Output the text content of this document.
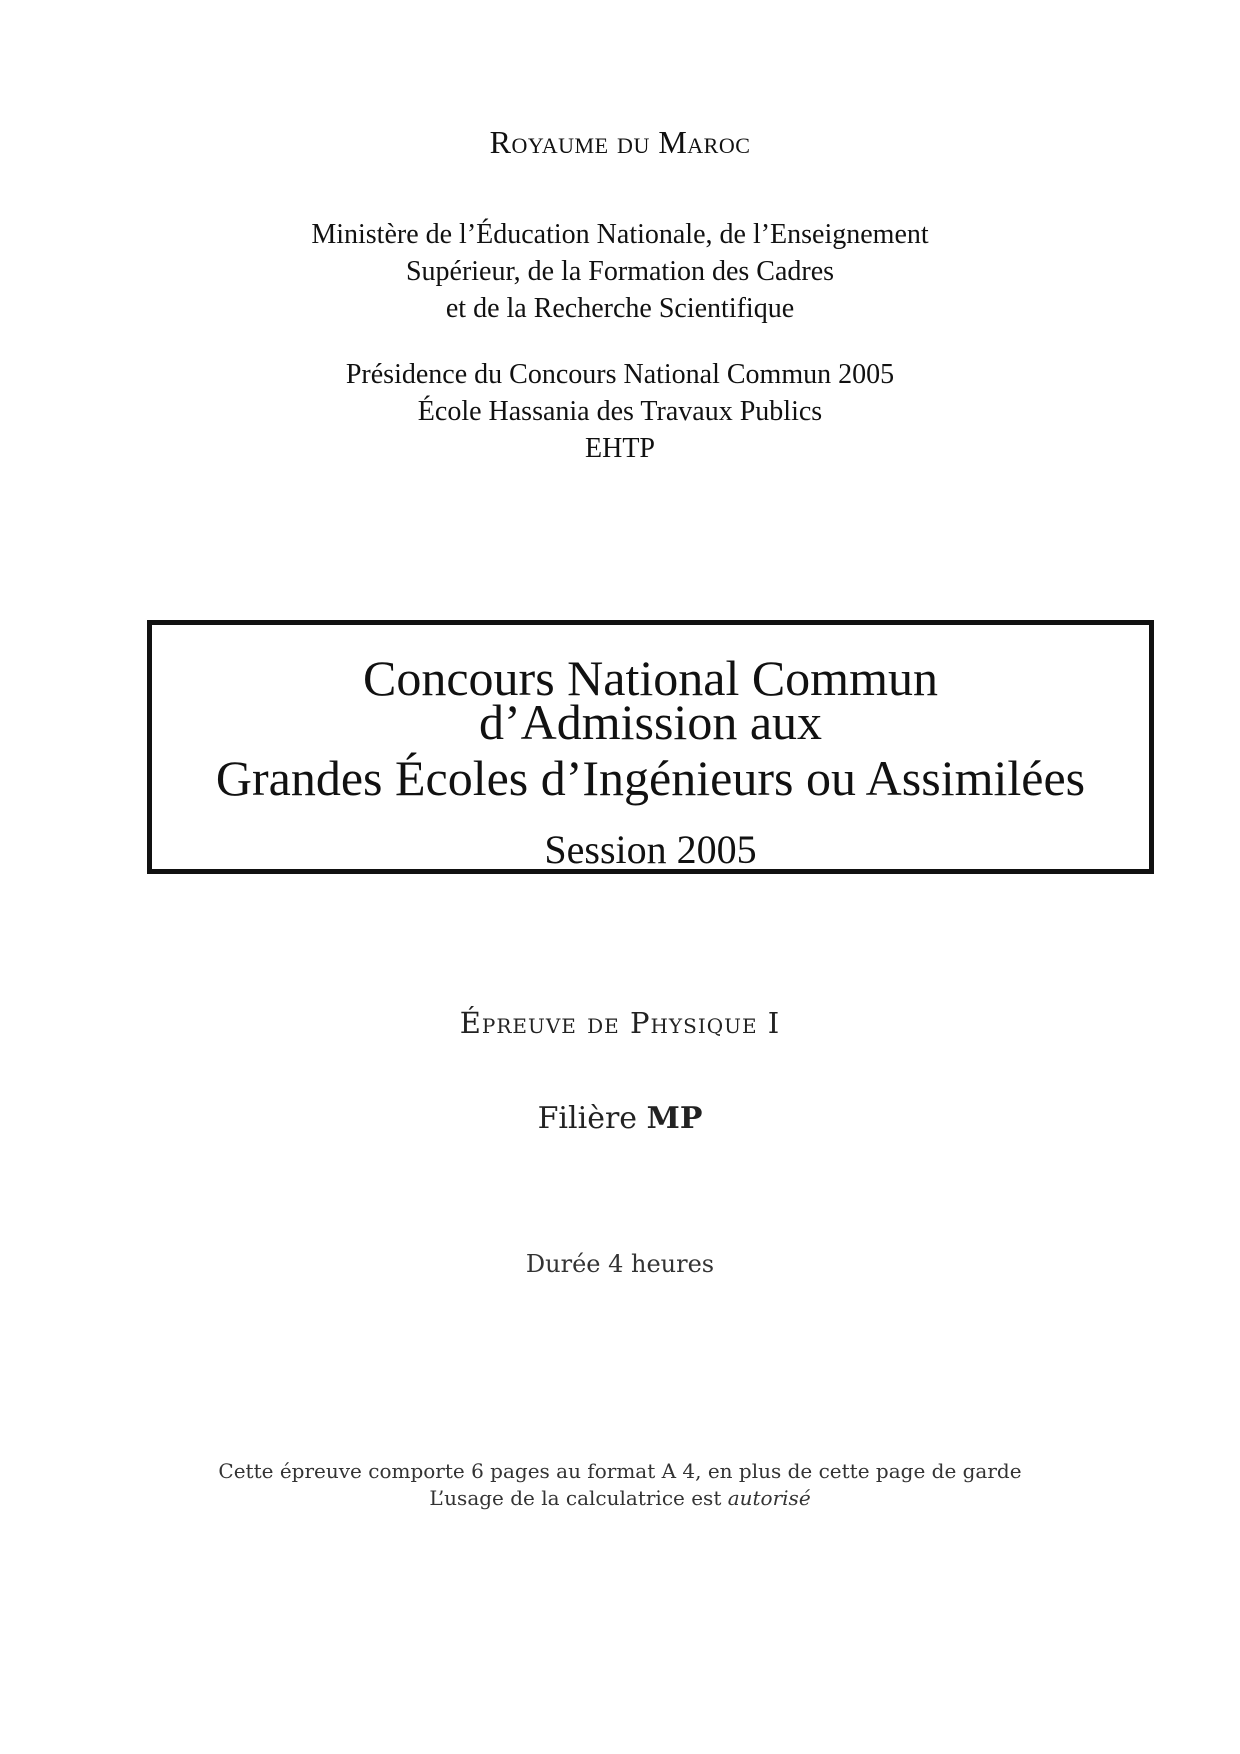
Royaume du Maroc
Ministère de l’Éducation Nationale, de l’Enseignement
Supérieur, de la Formation des Cadres
et de la Recherche Scientifique
Présidence du Concours National Commun 2005
École Hassania des Travaux Publics
EHTP
Concours National Commun
d’Admission aux
Grandes Écoles d’Ingénieurs ou Assimilées
Session 2005
Épreuve de Physique I
Filière MP
Durée 4 heures
Cette épreuve comporte 6 pages au format A 4, en plus de cette page de garde
L’usage de la calculatrice est autorisé
